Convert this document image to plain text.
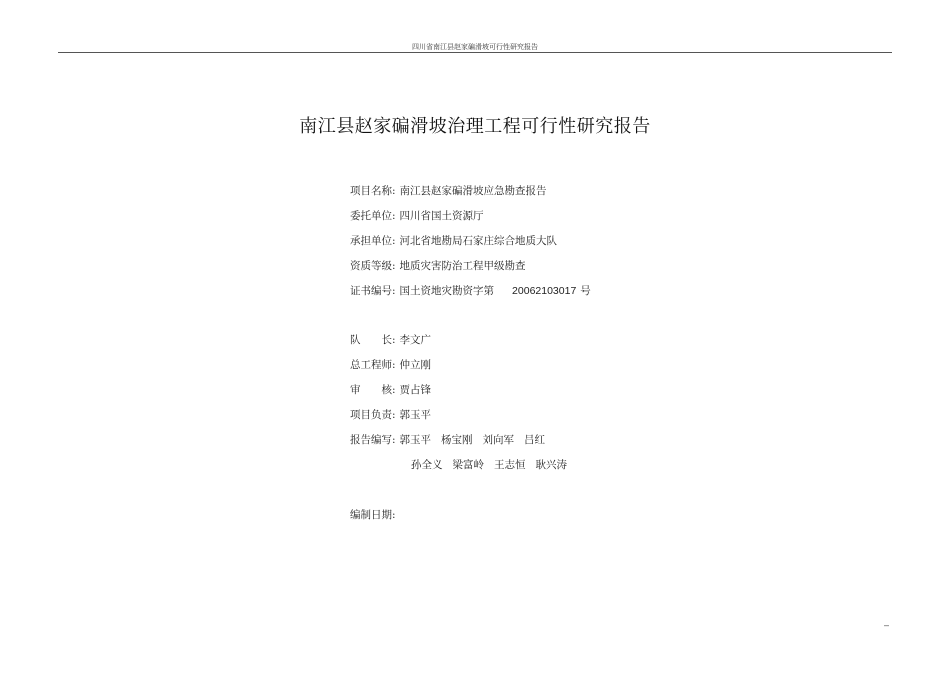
四川省南江县赵家碥滑坡可行性研究报告
南江县赵家碥滑坡治理工程可行性研究报告
项目名称: 南江县赵家碥滑坡应急勘查报告
委托单位: 四川省国土资源厅
承担单位: 河北省地勘局石家庄综合地质大队
资质等级: 地质灾害防治工程甲级勘查
证书编号: 国土资地灾勘资字第 20062103017 号
队　　长: 李文广
总工程师: 仲立刚
审　　核: 贾占锋
项目负责: 郭玉平
报告编写: 郭玉平 杨宝刚 刘向军 吕红
孙全义 梁富岭 王志恒 耿兴涛
编制日期:
–
